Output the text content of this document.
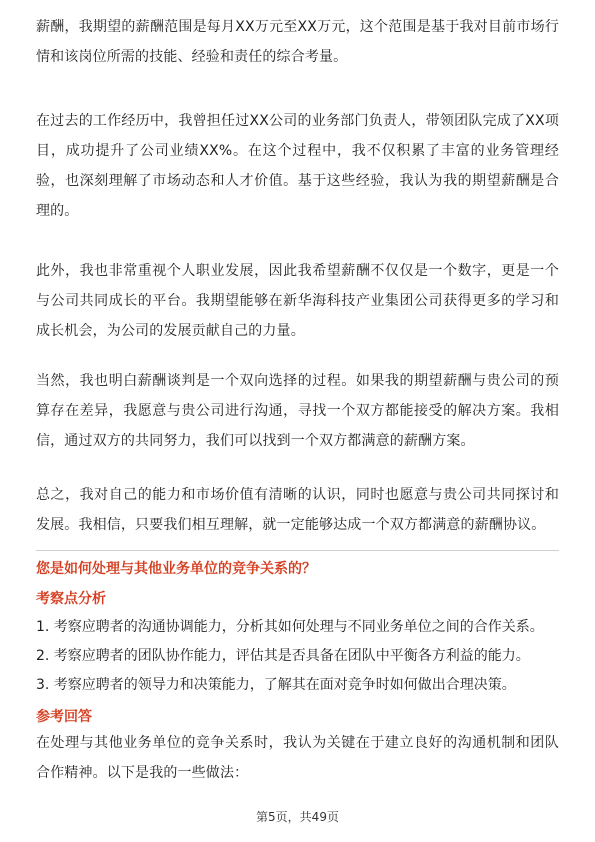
薪酬，我期望的薪酬范围是每月XX万元至XX万元，这个范围是基于我对目前市场行情和该岗位所需的技能、经验和责任的综合考量。

在过去的工作经历中，我曾担任过XX公司的业务部门负责人，带领团队完成了XX项目，成功提升了公司业绩XX%。在这个过程中，我不仅积累了丰富的业务管理经验，也深刻理解了市场动态和人才价值。基于这些经验，我认为我的期望薪酬是合理的。

此外，我也非常重视个人职业发展，因此我希望薪酬不仅仅是一个数字，更是一个与公司共同成长的平台。我期望能够在新华海科技产业集团公司获得更多的学习和成长机会，为公司的发展贡献自己的力量。

当然，我也明白薪酬谈判是一个双向选择的过程。如果我的期望薪酬与贵公司的预算存在差异，我愿意与贵公司进行沟通，寻找一个双方都能接受的解决方案。我相信，通过双方的共同努力，我们可以找到一个双方都满意的薪酬方案。

总之，我对自己的能力和市场价值有清晰的认识，同时也愿意与贵公司共同探讨和发展。我相信，只要我们相互理解，就一定能够达成一个双方都满意的薪酬协议。

您是如何处理与其他业务单位的竞争关系的？

考察点分析

1. 考察应聘者的沟通协调能力，分析其如何处理与不同业务单位之间的合作关系。

2. 考察应聘者的团队协作能力，评估其是否具备在团队中平衡各方利益的能力。

3. 考察应聘者的领导力和决策能力，了解其在面对竞争时如何做出合理决策。

参考回答

在处理与其他业务单位的竞争关系时，我认为关键在于建立良好的沟通机制和团队合作精神。以下是我的一些做法：

第5页，共49页
